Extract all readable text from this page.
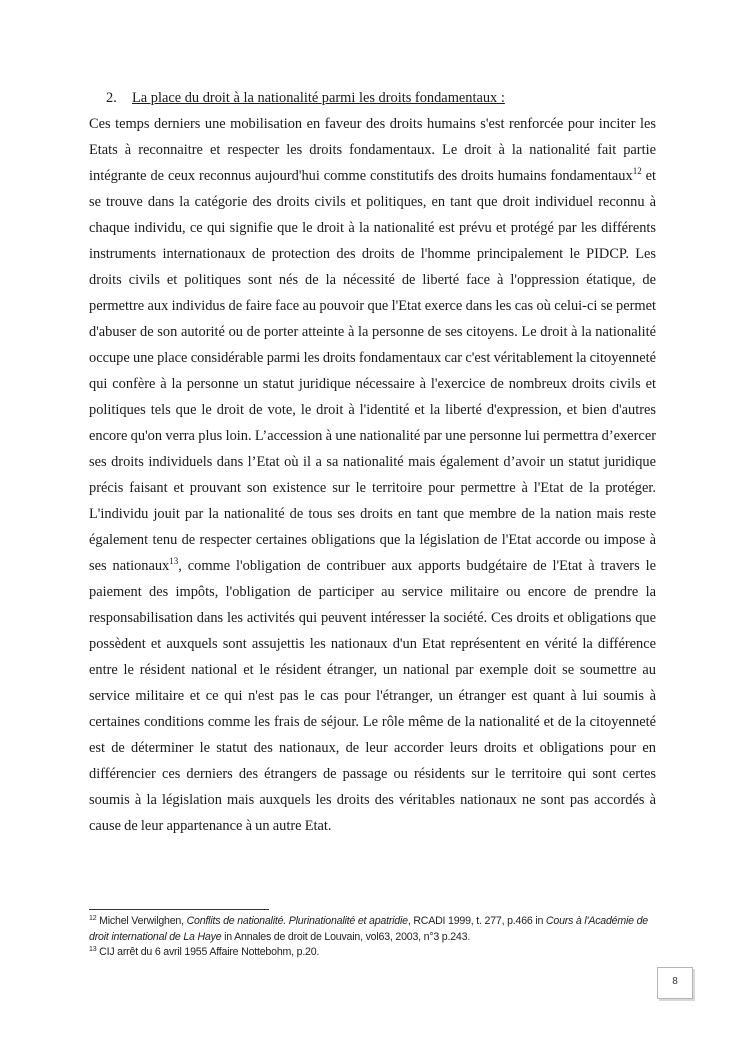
2. La place du droit à la nationalité parmi les droits fondamentaux :

Ces temps derniers une mobilisation en faveur des droits humains s'est renforcée pour inciter les Etats à reconnaitre et respecter les droits fondamentaux. Le droit à la nationalité fait partie intégrante de ceux reconnus aujourd'hui comme constitutifs des droits humains fondamentaux$^{12}$ et se trouve dans la catégorie des droits civils et politiques, en tant que droit individuel reconnu à chaque individu, ce qui signifie que le droit à la nationalité est prévu et protégé par les différents instruments internationaux de protection des droits de l'homme principalement le PIDCP. Les droits civils et politiques sont nés de la nécessité de liberté face à l'oppression étatique, de permettre aux individus de faire face au pouvoir que l'Etat exerce dans les cas où celui-ci se permet d'abuser de son autorité ou de porter atteinte à la personne de ses citoyens. Le droit à la nationalité occupe une place considérable parmi les droits fondamentaux car c'est véritablement la citoyenneté qui confère à la personne un statut juridique nécessaire à l'exercice de nombreux droits civils et politiques tels que le droit de vote, le droit à l'identité et la liberté d'expression, et bien d'autres encore qu'on verra plus loin. L’accession à une nationalité par une personne lui permettra d’exercer ses droits individuels dans l’Etat où il a sa nationalité mais également d’avoir un statut juridique précis faisant et prouvant son existence sur le territoire pour permettre à l'Etat de la protéger. L'individu jouit par la nationalité de tous ses droits en tant que membre de la nation mais reste également tenu de respecter certaines obligations que la législation de l'Etat accorde ou impose à ses nationaux$^{13}$, comme l'obligation de contribuer aux apports budgétaire de l'Etat à travers le paiement des impôts, l'obligation de participer au service militaire ou encore de prendre la responsabilisation dans les activités qui peuvent intéresser la société. Ces droits et obligations que possèdent et auxquels sont assujettis les nationaux d'un Etat représentent en vérité la différence entre le résident national et le résident étranger, un national par exemple doit se soumettre au service militaire et ce qui n'est pas le cas pour l'étranger, un étranger est quant à lui soumis à certaines conditions comme les frais de séjour. Le rôle même de la nationalité et de la citoyenneté est de déterminer le statut des nationaux, de leur accorder leurs droits et obligations pour en différencier ces derniers des étrangers de passage ou résidents sur le territoire qui sont certes soumis à la législation mais auxquels les droits des véritables nationaux ne sont pas accordés à cause de leur appartenance à un autre Etat.

$^{12}$ Michel Verwilghen, Conflits de nationalité. Plurinationalité et apatridie, RCADI 1999, t. 277, p.466 in Cours à l'Académie de droit international de La Haye in Annales de droit de Louvain, vol63, 2003, n°3 p.243.

$^{13}$ CIJ arrêt du 6 avril 1955 Affaire Nottebohm, p.20.

8
